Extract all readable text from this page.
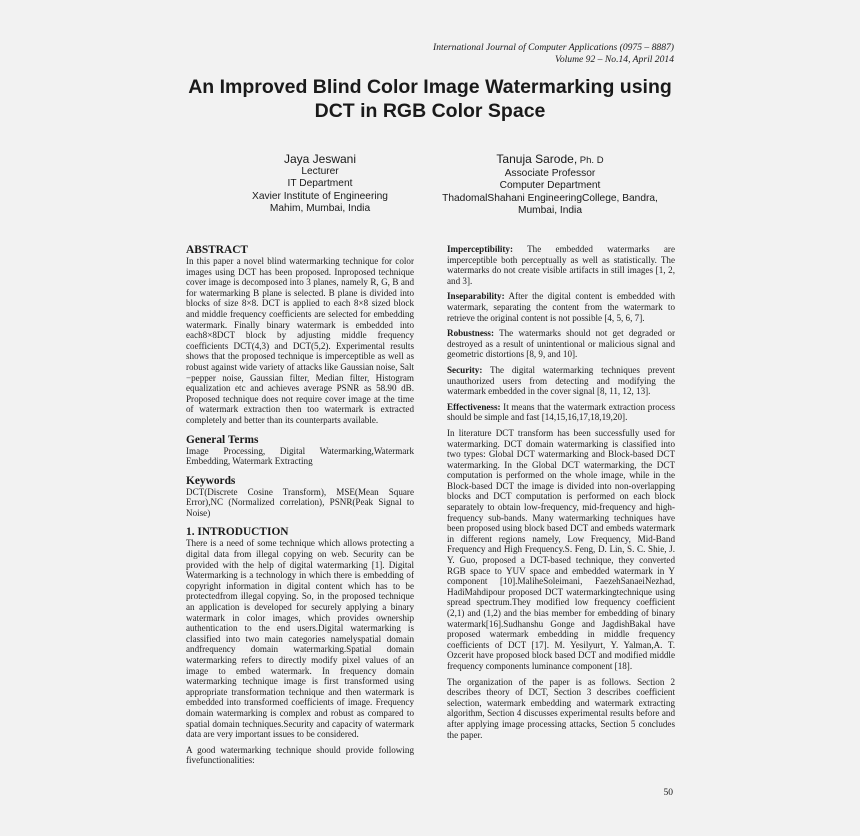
International Journal of Computer Applications (0975 – 8887)
Volume 92 – No.14, April 2014
An Improved Blind Color Image Watermarking using
DCT in RGB Color Space
Jaya Jeswani
Lecturer
IT Department
Xavier Institute of Engineering
Mahim, Mumbai, India
Tanuja Sarode, Ph. D
Associate Professor
Computer Department
ThadomalShahani EngineeringCollege, Bandra,
Mumbai, India
ABSTRACT

In this paper a novel blind watermarking technique for color images using DCT has been proposed. Inproposed technique cover image is decomposed into 3 planes, namely R, G, B and for watermarking B plane is selected. B plane is divided into blocks of size 8×8. DCT is applied to each 8×8 sized block and middle frequency coefficients are selected for embedding watermark. Finally binary watermark is embedded into each8×8DCT block by adjusting middle frequency coefficients DCT(4,3) and DCT(5,2). Experimental results shows that the proposed technique is imperceptible as well as robust against wide variety of attacks like Gaussian noise, Salt −pepper noise, Gaussian filter, Median filter, Histogram equalization etc and achieves average PSNR as 58.90 dB. Proposed technique does not require cover image at the time of watermark extraction then too watermark is extracted completely and better than its counterparts available.

General Terms

Image Processing, Digital Watermarking,Watermark Embedding, Watermark Extracting

Keywords

DCT(Discrete Cosine Transform), MSE(Mean Square Error),NC (Normalized correlation), PSNR(Peak Signal to Noise)

1. INTRODUCTION

There is a need of some technique which allows protecting a digital data from illegal copying on web. Security can be provided with the help of digital watermarking [1]. Digital Watermarking is a technology in which there is embedding of copyright information in digital content which has to be protectedfrom illegal copying. So, in the proposed technique an application is developed for securely applying a binary watermark in color images, which provides ownership authentication to the end users.Digital watermarking is classified into two main categories namelyspatial domain andfrequency domain watermarking.Spatial domain watermarking refers to directly modify pixel values of an image to embed watermark. In frequency domain watermarking technique image is first transformed using appropriate transformation technique and then watermark is embedded into transformed coefficients of image. Frequency domain watermarking is complex and robust as compared to spatial domain techniques.Security and capacity of watermark data are very important issues to be considered.

A good watermarking technique should provide following fivefunctionalities:

Imperceptibility: The embedded watermarks are imperceptible both perceptually as well as statistically. The watermarks do not create visible artifacts in still images [1, 2, and 3].

Inseparability: After the digital content is embedded with watermark, separating the content from the watermark to retrieve the original content is not possible [4, 5, 6, 7].

Robustness: The watermarks should not get degraded or destroyed as a result of unintentional or malicious signal and geometric distortions [8, 9, and 10].

Security: The digital watermarking techniques prevent unauthorized users from detecting and modifying the watermark embedded in the cover signal [8, 11, 12, 13].

Effectiveness: It means that the watermark extraction process should be simple and fast [14,15,16,17,18,19,20].

In literature DCT transform has been successfully used for watermarking. DCT domain watermarking is classified into two types: Global DCT watermarking and Block-based DCT watermarking. In the Global DCT watermarking, the DCT computation is performed on the whole image, while in the Block-based DCT the image is divided into non-overlapping blocks and DCT computation is performed on each block separately to obtain low-frequency, mid-frequency and high-frequency sub-bands. Many watermarking techniques have been proposed using block based DCT and embeds watermark in different regions namely, Low Frequency, Mid-Band Frequency and High Frequency.S. Feng, D. Lin, S. C. Shie, J. Y. Guo, proposed a DCT-based technique, they converted RGB space to YUV space and embedded watermark in Y component [10].MaliheSoleimani, FaezehSanaeiNezhad, HadiMahdipour proposed DCT watermarkingtechnique using spread spectrum.They modified low frequency coefficient (2,1) and (1,2) and the bias member for embedding of binary watermark[16].Sudhanshu Gonge and JagdishBakal have proposed watermark embedding in middle frequency coefficients of DCT [17]. M. Yesilyurt, Y. Yalman,A. T. Ozcerit have proposed block based DCT and modified middle frequency components luminance component [18].

The organization of the paper is as follows. Section 2 describes theory of DCT, Section 3 describes coefficient selection, watermark embedding and watermark extracting algorithm, Section 4 discusses experimental results before and after applying image processing attacks, Section 5 concludes the paper.

50
